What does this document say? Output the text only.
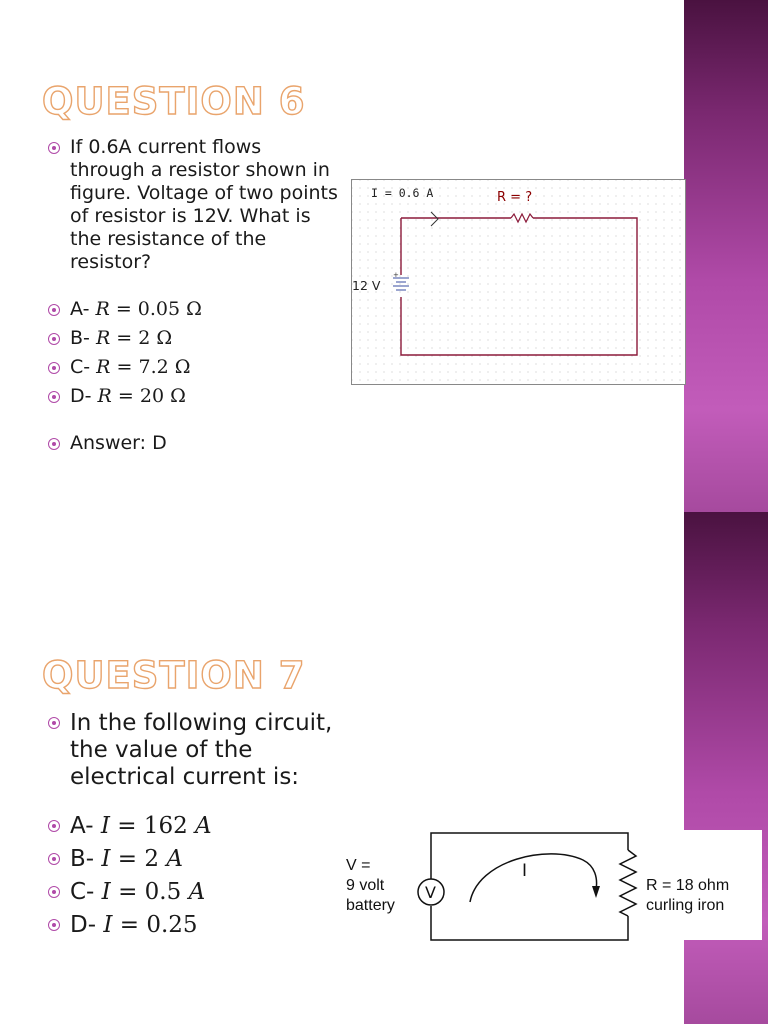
QUESTION 6
If 0.6A current flows through a resistor shown in figure. Voltage of two points of resistor is 12V. What is the resistance of the resistor?
A- R = 0.05 Ω
B- R = 2 Ω
C- R = 7.2 Ω
D- R = 20 Ω
Answer: D
+
I = 0.6 A	R = ?
12 V
QUESTION 7
In the following circuit, the value of the electrical current is:
A- I = 162 A
B- I = 2 A
C- I = 0.5 A
D- I = 0.25
V
I
V =
9 volt
battery
R = 18 ohm
curling iron
